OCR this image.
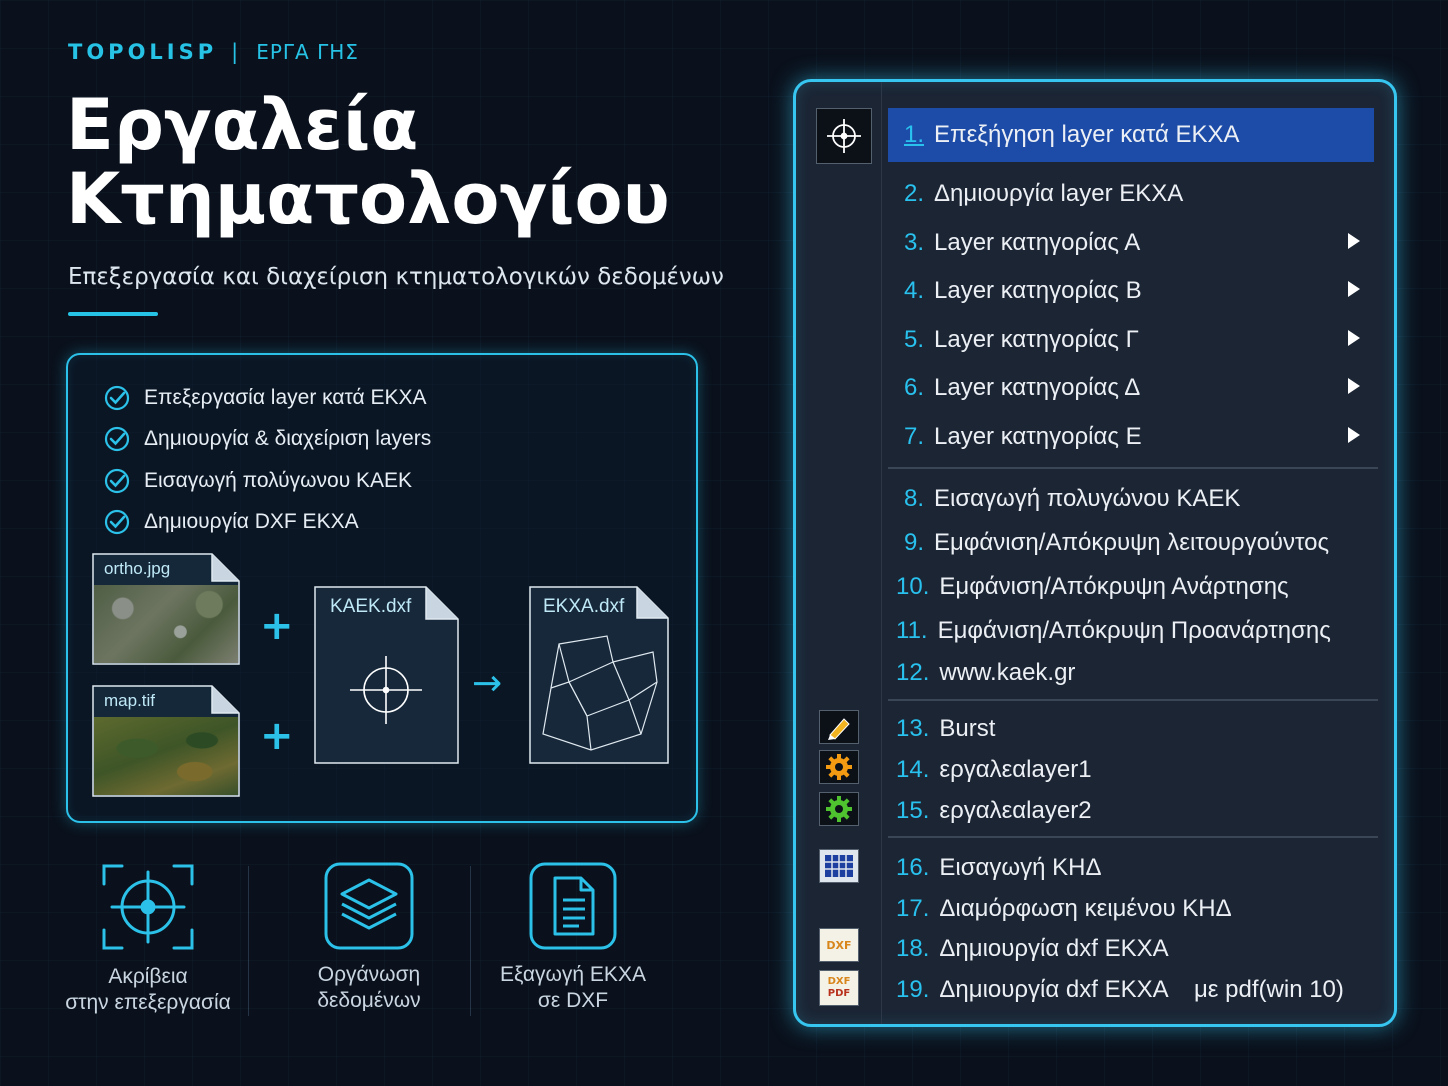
TOPOLISP | ΕΡΓΑ ΓΗΣ
Εργαλεία
Κτηματολογίου
Επεξεργασία και διαχείριση κτηματολογικών δεδομένων
Επεξεργασία layer κατά ΕΚΧΑ
Δημιουργία & διαχείριση layers
Εισαγωγή πολύγωνου ΚΑΕΚ
Δημιουργία DXF ΕΚΧΑ
ortho.jpg
map.tif
+
+
KAEK.dxf
→
EKXA.dxf
Ακρίβεια
στην επεξεργασία
Οργάνωση
δεδομένων
Εξαγωγή ΕΚΧΑ
σε DXF
DXF
DXF
PDF
1. Επεξήγηση layer κατά ΕΚΧΑ
2. Δημιουργία layer ΕΚΧΑ
3. Layer κατηγορίας Α
4. Layer κατηγορίας Β
5. Layer κατηγορίας Γ
6. Layer κατηγορίας Δ
7. Layer κατηγορίας Ε
8. Εισαγωγή πολυγώνου ΚΑΕΚ
9. Εμφάνιση/Απόκρυψη λειτουργούντος
10. Εμφάνιση/Απόκρυψη Ανάρτησης
11. Εμφάνιση/Απόκρυψη Προανάρτησης
12. www.kaek.gr
13. Burst
14. εργαλεαlayer1
15. εργαλεαlayer2
16. Εισαγωγή ΚΗΔ
17. Διαμόρφωση κειμένου ΚΗΔ
18. Δημιουργία dxf ΕΚΧΑ
19. Δημιουργία dxf ΕΚΧΑ    με pdf(win 10)
